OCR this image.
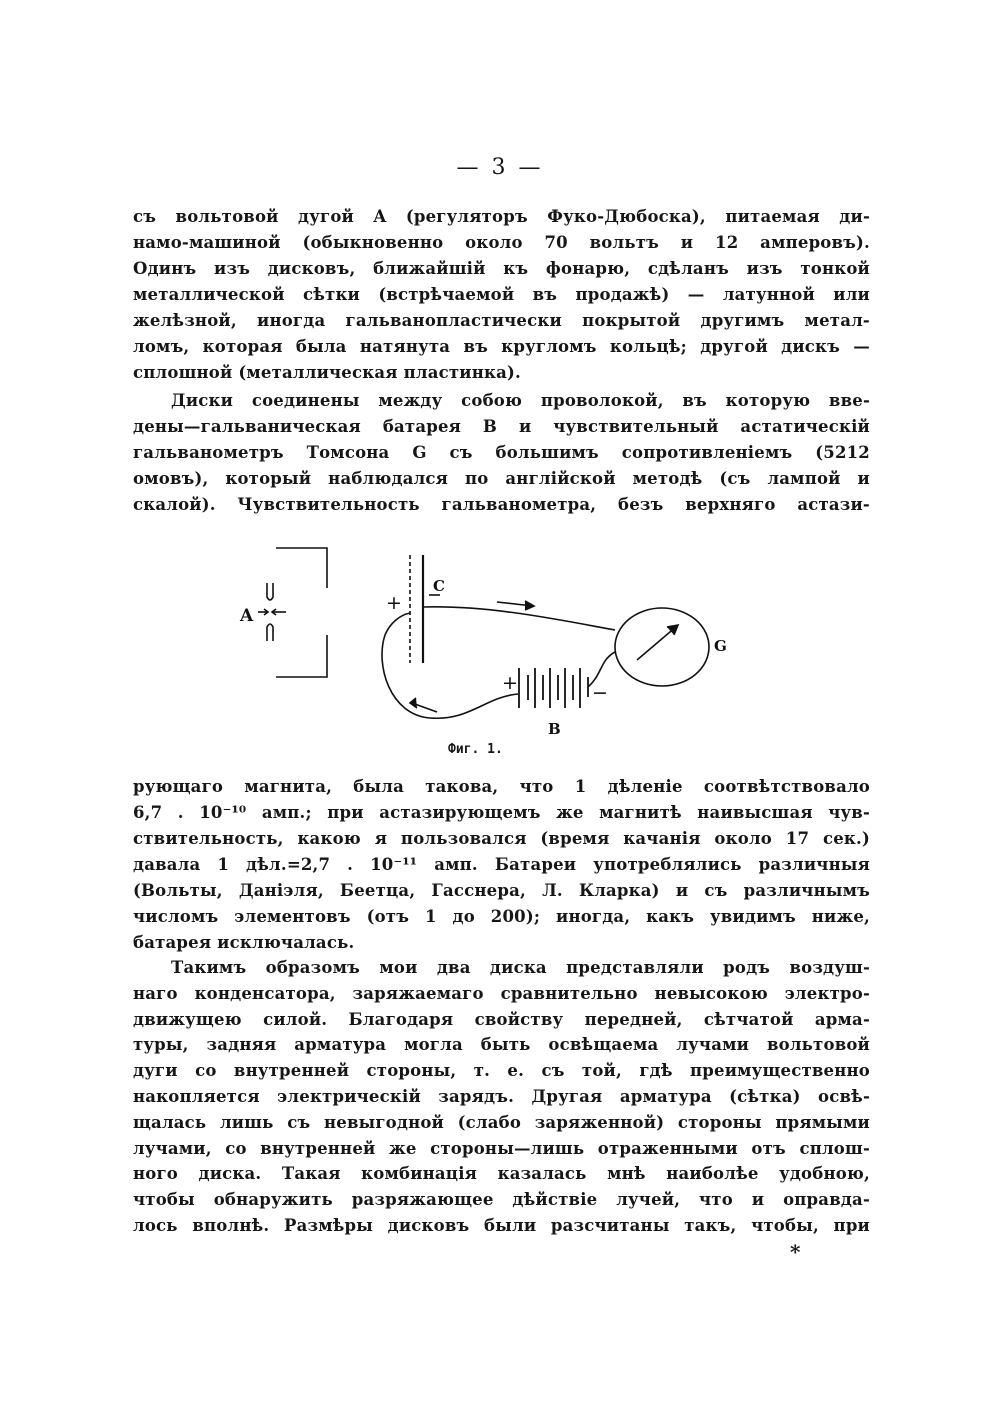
— 3 —
съ вольтовой дугой A (регуляторъ Фуко-Дюбоска), питаемая ди-
намо-машиной (обыкновенно около 70 вольтъ и 12 амперовъ).
Одинъ изъ дисковъ, ближайшій къ фонарю, сдѣланъ изъ тонкой
металлической сѣтки (встрѣчаемой въ продажѣ) — латунной или
желѣзной, иногда гальванопластически покрытой другимъ метал-
ломъ, которая была натянута въ кругломъ кольцѣ; другой дискъ —
сплошной (металлическая пластинка).
Диски соединены между собою проволокой, въ которую вве-
дены—гальваническая батарея B и чувствительный астатическій
гальванометръ Томсона G съ большимъ сопротивленіемъ (5212
омовъ), который наблюдался по англійской методѣ (съ лампой и
скалой). Чувствительность гальванометра, безъ верхняго астази-
рующаго магнита, была такова, что 1 дѣленіе соотвѣтствовало
6,7 . 10⁻¹⁰ амп.; при астазирующемъ же магнитѣ наивысшая чув-
ствительность, какою я пользовался (время качанія около 17 сек.)
давала 1 дѣл.=2,7 . 10⁻¹¹ амп. Батареи употреблялись различныя
(Вольты, Даніэля, Беетца, Гасснера, Л. Кларка) и съ различнымъ
числомъ элементовъ (отъ 1 до 200); иногда, какъ увидимъ ниже,
батарея исключалась.
Такимъ образомъ мои два диска представляли родъ воздуш-
наго конденсатора, заряжаемаго сравнительно невысокою электро-
движущею силой. Благодаря свойству передней, сѣтчатой арма-
туры, задняя арматура могла быть освѣщаема лучами вольтовой
дуги со внутренней стороны, т. е. съ той, гдѣ преимущественно
накопляется электрическій зарядъ. Другая арматура (сѣтка) освѣ-
щалась лишь съ невыгодной (слабо заряженной) стороны прямыми
лучами, со внутренней же стороны—лишь отраженными отъ сплош-
ного диска. Такая комбинація казалась мнѣ наиболѣе удобною,
чтобы обнаружить разряжающее дѣйствіе лучей, что и оправда-
лось вполнѣ. Размѣры дисковъ были разсчитаны такъ, чтобы, при
A
C
+
G
+	−
B
Фиг. 1.
*
